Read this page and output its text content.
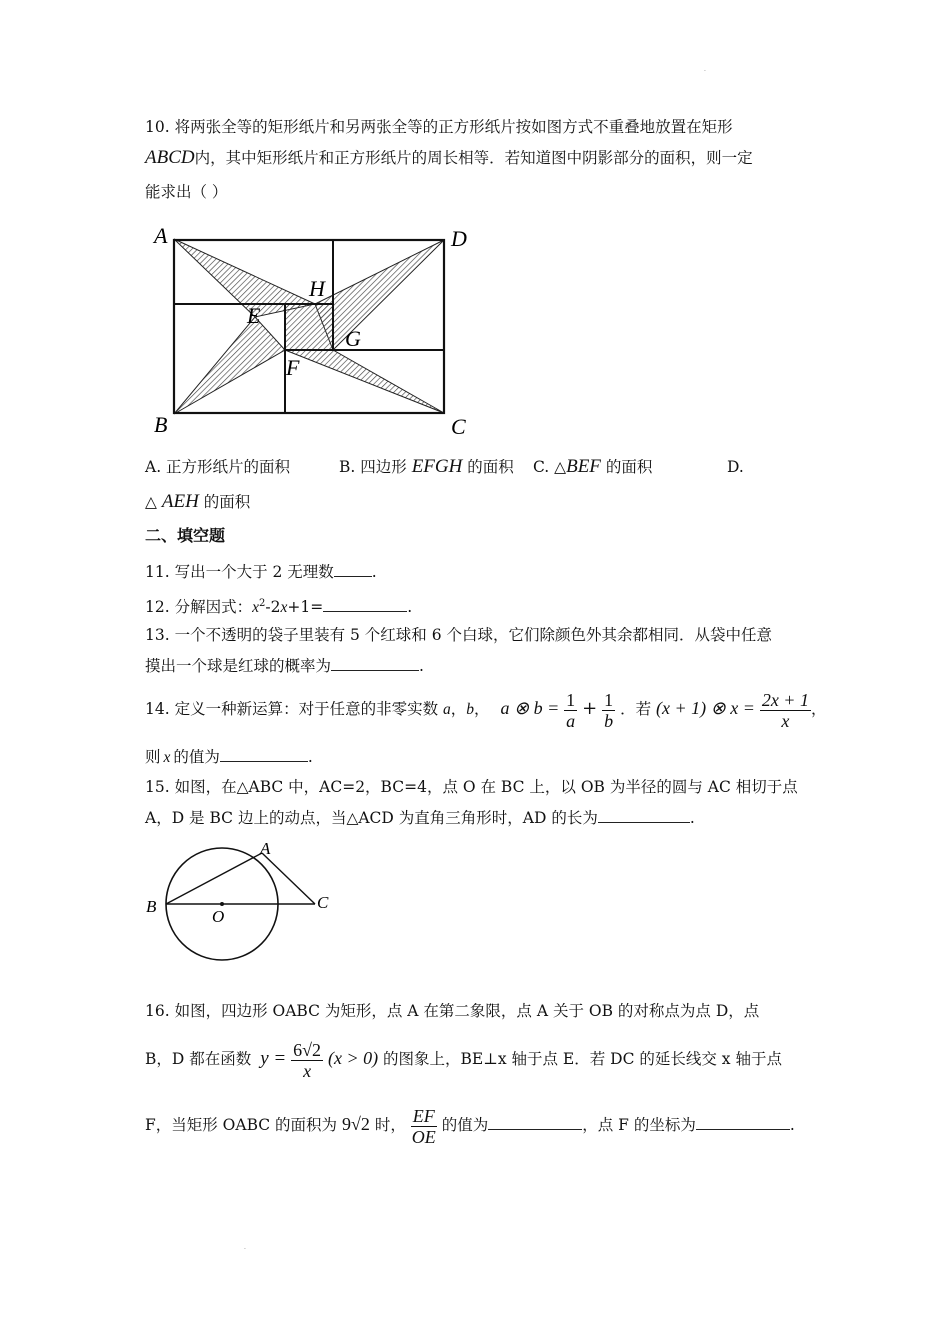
.
10. 将两张全等的矩形纸片和另两张全等的正方形纸片按如图方式不重叠地放置在矩形
ABCD内，其中矩形纸片和正方形纸片的周长相等．若知道图中阴影部分的面积，则一定
能求出（ ）
A	D
B	C
H
E
G
F
A. 正方形纸片的面积	B. 四边形 EFGH 的面积 C. △BEF 的面积	D.
△ AEH 的面积
二、填空题
11. 写出一个大于 2 无理数 .
12. 分解因式：$x^2-2x+1=$	.
13. 一个不透明的袋子里装有 5 个红球和 6 个白球，它们除颜色外其余都相同．从袋中任意
摸出一个球是红球的概率为	.
14. 定义一种新运算：对于任意的非零实数 a，b， a ⊗ $b = \frac{1}{a} + \frac{1}{b}$ ．若 (x + 1) ⊗ $x = \frac{2x + 1}{x}$ ，
则 x 的值为	.
15. 如图，在△ABC 中，AC=2，BC=4，点 O 在 BC 上，以 OB 为半径的圆与 AC 相切于点
A，D 是 BC 边上的动点，当△ACD 为直角三角形时，AD 的长为	.
A
B	C
O
16. 如图，四边形 OABC 为矩形，点 A 在第二象限，点 A 关于 OB 的对称点为点 D，点
B，D 都在函数 $y = \frac{6√2}{x} (x > 0)$ 的图象上，BE⊥x 轴于点 E．若 DC 的延长线交 x 轴于点
F，当矩形 OABC 的面积为 9√2 时， $\frac{EF}{OE}$ 的值为	，点 F 的坐标为	.
.
